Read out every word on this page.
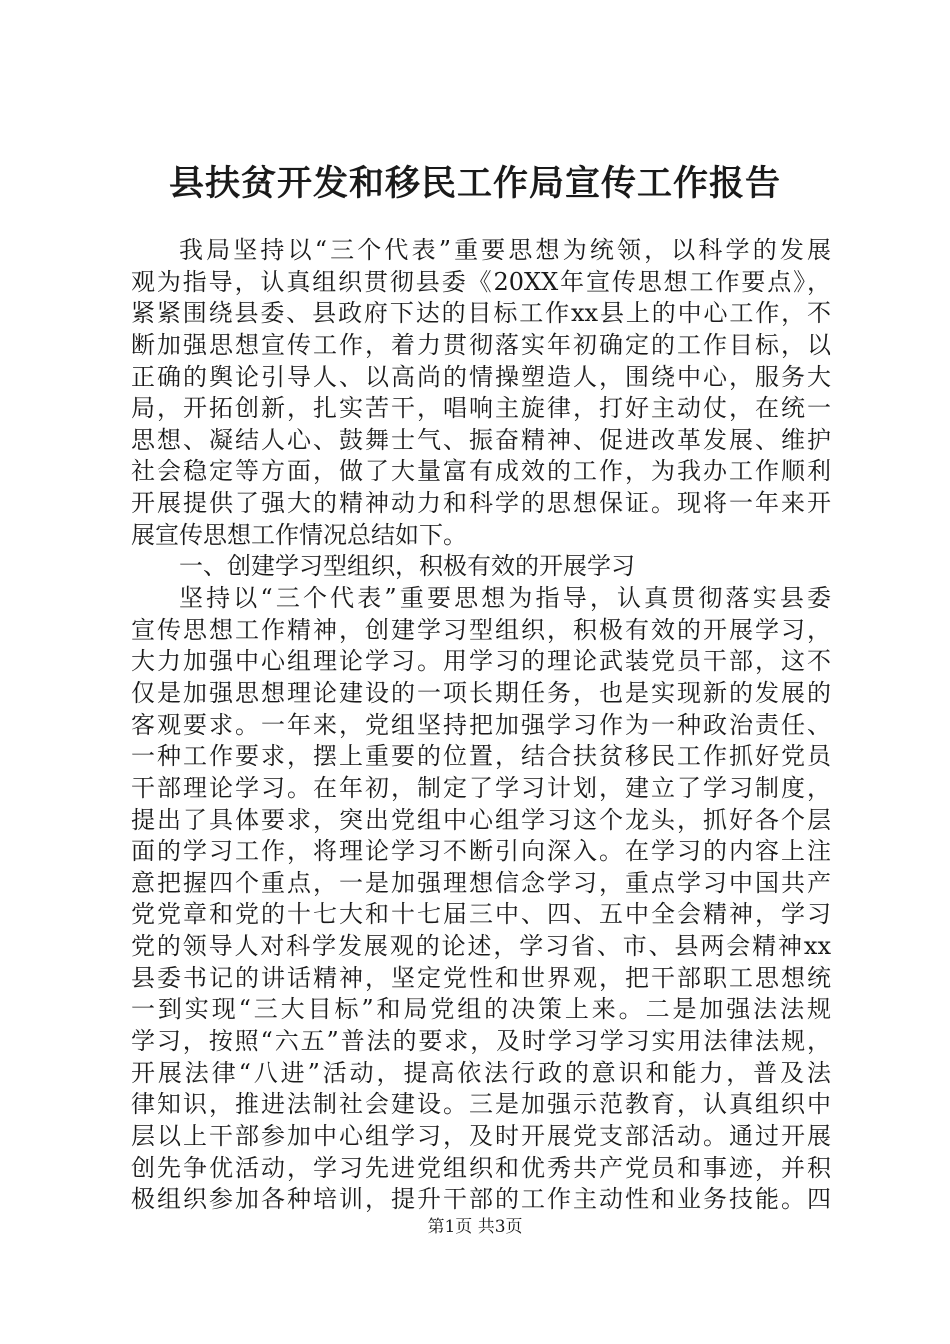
县扶贫开发和移民工作局宣传工作报告
我局坚持以“三个代表”重要思想为统领，以科学的发展
观为指导，认真组织贯彻县委《20XX年宣传思想工作要点》，
紧紧围绕县委、县政府下达的目标工作xx县上的中心工作，不
断加强思想宣传工作，着力贯彻落实年初确定的工作目标，以
正确的舆论引导人、以高尚的情操塑造人，围绕中心，服务大
局，开拓创新，扎实苦干，唱响主旋律，打好主动仗，在统一
思想、凝结人心、鼓舞士气、振奋精神、促进改革发展、维护
社会稳定等方面，做了大量富有成效的工作，为我办工作顺利
开展提供了强大的精神动力和科学的思想保证。现将一年来开
展宣传思想工作情况总结如下。
一、创建学习型组织，积极有效的开展学习
坚持以“三个代表”重要思想为指导，认真贯彻落实县委
宣传思想工作精神，创建学习型组织，积极有效的开展学习，
大力加强中心组理论学习。用学习的理论武装党员干部，这不
仅是加强思想理论建设的一项长期任务，也是实现新的发展的
客观要求。一年来，党组坚持把加强学习作为一种政治责任、
一种工作要求，摆上重要的位置，结合扶贫移民工作抓好党员
干部理论学习。在年初，制定了学习计划，建立了学习制度，
提出了具体要求，突出党组中心组学习这个龙头，抓好各个层
面的学习工作，将理论学习不断引向深入。在学习的内容上注
意把握四个重点，一是加强理想信念学习，重点学习中国共产
党党章和党的十七大和十七届三中、四、五中全会精神，学习
党的领导人对科学发展观的论述，学习省、市、县两会精神xx
县委书记的讲话精神，坚定党性和世界观，把干部职工思想统
一到实现“三大目标”和局党组的决策上来。二是加强法法规
学习，按照“六五”普法的要求，及时学习学习实用法律法规，
开展法律“八进”活动，提高依法行政的意识和能力，普及法
律知识，推进法制社会建设。三是加强示范教育，认真组织中
层以上干部参加中心组学习，及时开展党支部活动。通过开展
创先争优活动，学习先进党组织和优秀共产党员和事迹，并积
极组织参加各种培训，提升干部的工作主动性和业务技能。四
第1页 共3页
